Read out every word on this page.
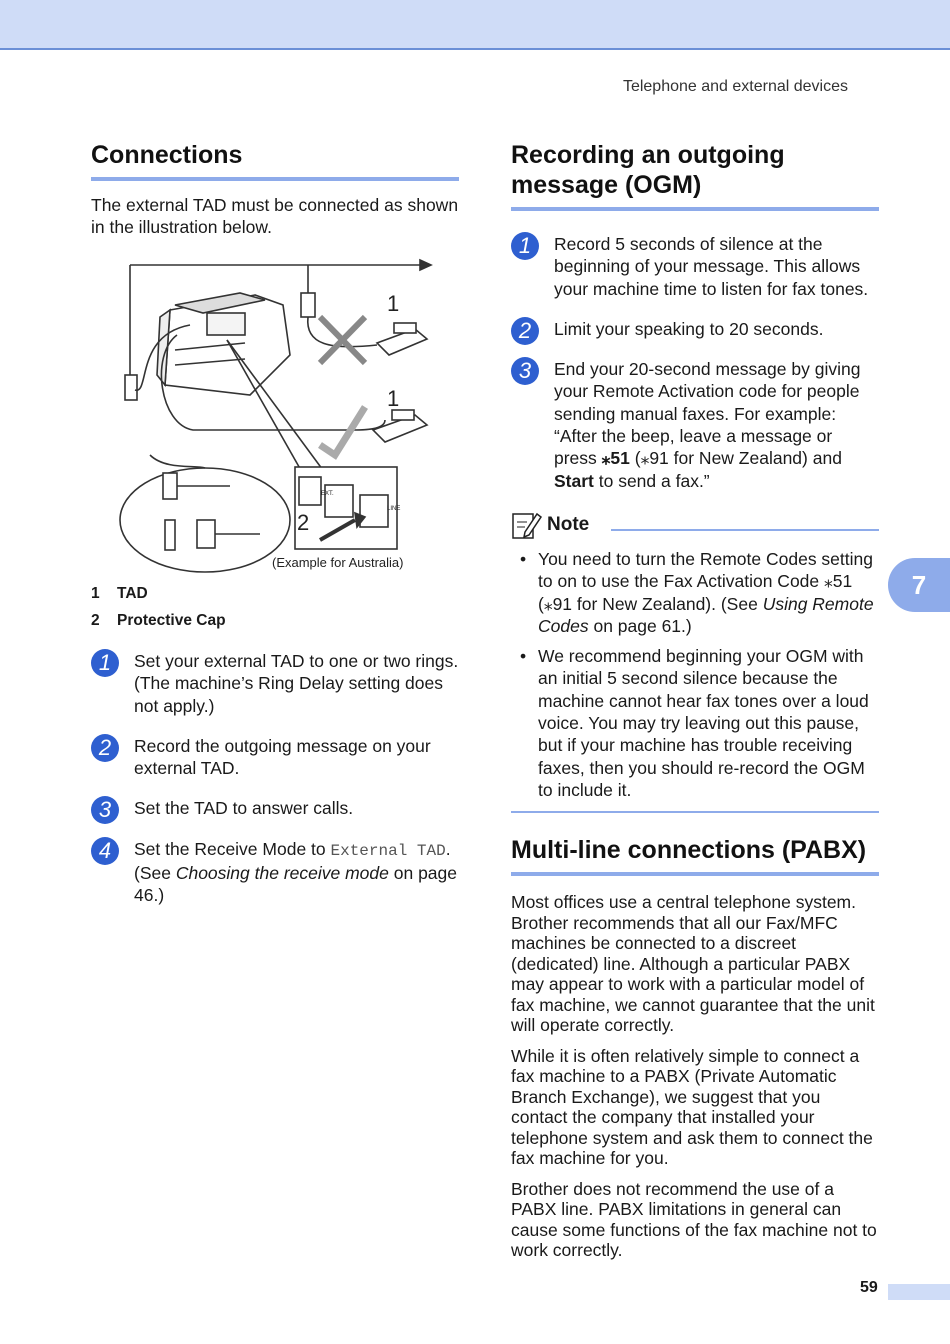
Telephone and external devices
Connections

The external TAD must be connected as shown in the illustration below.

1
1
2
EXT.
LINE
(Example for Australia)
1 TAD
2 Protective Cap
1	Set your external TAD to one or two rings. (The machine’s Ring Delay setting does not apply.)
2	Record the outgoing message on your external TAD.
3	Set the TAD to answer calls.
4	Set the Receive Mode to External TAD. (See Choosing the receive mode on page 46.)
Recording an outgoing
message (OGM)
1	Record 5 seconds of silence at the beginning of your message. This allows your machine time to listen for fax tones.
2	Limit your speaking to 20 seconds.
3	End your 20-second message by giving your Remote Activation code for people sending manual faxes. For example: “After the beep, leave a message or press ⁎51 (⁎91 for New Zealand) and Start to send a fax.”
Note
• You need to turn the Remote Codes setting to on to use the Fax Activation Code ⁎51 (⁎91 for New Zealand). (See Using Remote Codes on page 61.)
• We recommend beginning your OGM with an initial 5 second silence because the machine cannot hear fax tones over a loud voice. You may try leaving out this pause, but if your machine has trouble receiving faxes, then you should re-record the OGM to include it.
Multi-line connections (PABX)

Most offices use a central telephone system. Brother recommends that all our Fax/MFC machines be connected to a discreet (dedicated) line. Although a particular PABX may appear to work with a particular model of fax machine, we cannot guarantee that the unit will operate correctly.

While it is often relatively simple to connect a fax machine to a PABX (Private Automatic Branch Exchange), we suggest that you contact the company that installed your telephone system and ask them to connect the fax machine for you.

Brother does not recommend the use of a PABX line. PABX limitations in general can cause some functions of the fax machine not to work correctly.

7
59
